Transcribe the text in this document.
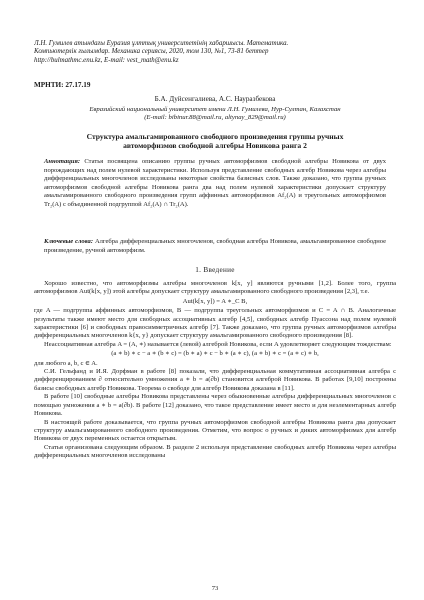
Л.Н. Гумилев атындағы Еуразия ұлттық университетінің хабаршысы. Математика.
Компьютерлік ғылымдар. Механика сериясы, 2020, том 130, №1, 73-81 беттер
http://bulmathmc.enu.kz, E-mail: vest_math@enu.kz
МРНТИ: 27.17.19
Б.А. Дуйсенгалиева, А.С. Науразбекова
Евразийский национальный университет имени Л.Н. Гумилева, Нур-Султан, Казахстан
(E-mail: bibinur.88@mail.ru, altynay_829@mail.ru)
Структура амальгамированного свободного произведения группы ручных
автоморфизмов свободной алгебры Новикова ранга 2
Аннотация: Статья посвящена описанию группы ручных автоморфизмов свободной алгебры Новикова от двух порождающих над полем нулевой характеристики. Используя представление свободных алгебр Новикова через алгебры дифференциальных многочленов исследованы некоторые свойства базисных слов. Также доказано, что группа ручных автоморфизмов свободной алгебры Новикова ранга два над полем нулевой характеристики допускает структуру амальгамированного свободного произведения групп аффинных автоморфизмов Af₂(A) и треугольных автоморфизмов Tr₂(A) с объединенной подгруппой Af₂(A) ∩ Tr₂(A).
Ключевые слова: Алгебра дифференциальных многочленов, свободная алгебра Новикова, амальгамированное свободное произведение, ручной автоморфизм.
1. Введение

Хорошо известно, что автоморфизмы алгебры многочленов k[x, y] являются ручными [1,2]. Более того, группа автоморфизмов Aut(k[x, y]) этой алгебры допускает структуру амальгамированного свободного произведения [2,3], т.е.

Aut(k[x, y]) = A ∗_C B,

где A — подгруппа аффинных автоморфизмов, B — подгруппа треугольных автоморфизмов и C = A ∩ B. Аналогичные результаты также имеют место для свободных ассоциативных алгебр [4,5], свободных алгебр Пуассона над полем нулевой характеристики [6] и свободных правосимметричных алгебр [7]. Также доказано, что группа ручных автоморфизмов алгебры дифференциальных многочленов k{x, y} допускает структуру амальгамированного свободного произведения [8].

Неассоциативная алгебра A = (A, ∗) называется (левой) алгеброй Новикова, если A удовлетворяет следующим тождествам:

(a ∗ b) ∗ c − a ∗ (b ∗ c) = (b ∗ a) ∗ c − b ∗ (a ∗ c), (a ∗ b) ∗ c = (a ∗ c) ∗ b,

для любого a, b, c ∈ A.

С.И. Гельфанд и И.Я. Дорфман в работе [8] показали, что дифференциальная коммутативная ассоциативная алгебра с дифференцированием ∂ относительно умножения a ∗ b = a(∂b) становится алгеброй Новикова. В работах [9,10] построены базисы свободных алгебр Новикова. Теорема о свободе для алгебр Новикова доказана в [11].

В работе [10] свободные алгебры Новикова представлены через обыкновенные алгебры дифференциальных многочленов с помощью умножения a ∗ b = a(∂b). В работе [12] доказано, что такое представление имеет место и для неэлементарных алгебр Новикова.

В настоящей работе доказывается, что группа ручных автоморфизмов свободной алгебры Новикова ранга два допускает структуру амальгамированного свободного произведения. Отметим, что вопрос о ручных и диких автоморфизмах для алгебр Новикова от двух переменных остается открытым.

Статья организована следующим образом. В разделе 2 используя представление свободных алгебр Новикова через алгебры дифференциальных многочленов исследованы

73
